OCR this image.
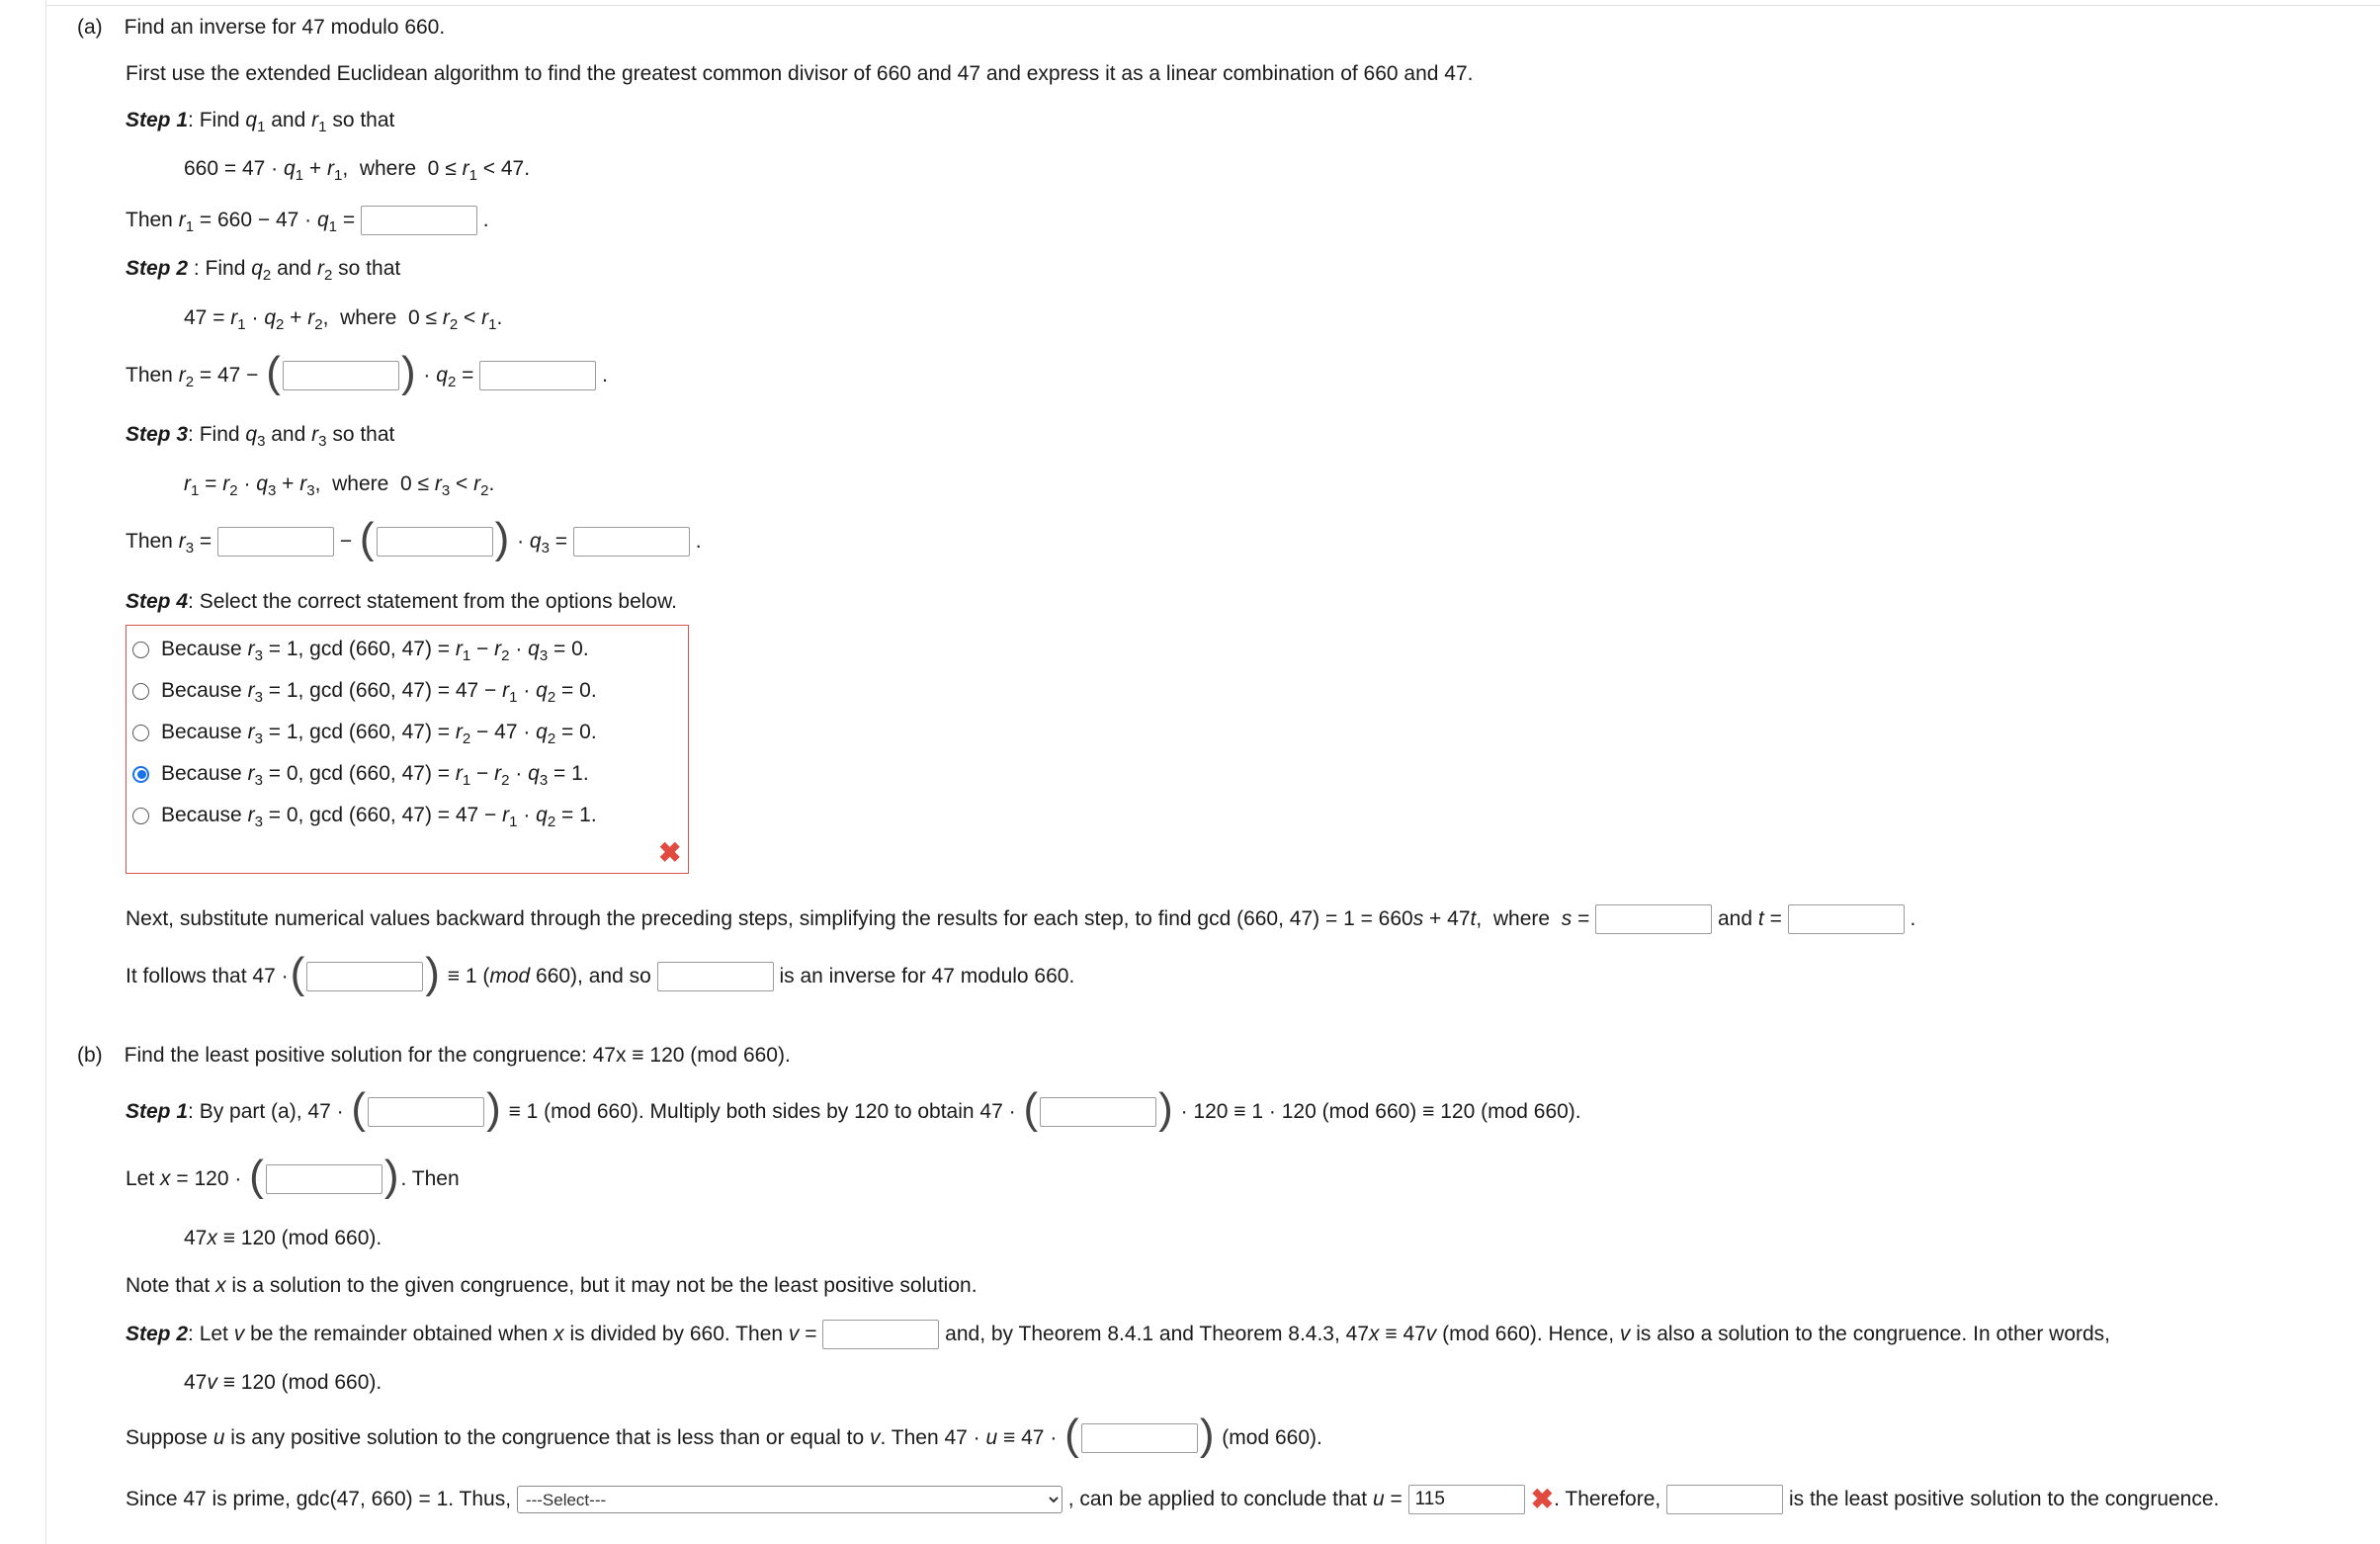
(a) Find an inverse for 47 modulo 660.
First use the extended Euclidean algorithm to find the greatest common divisor of 660 and 47 and express it as a linear combination of 660 and 47.
Step 1 : Find $q_1$ and $r_1$ so that
$660 = 47 \cdot q_1 + r_1$,  where  $0 \le r_1 < 47$.
Then $r_1 = 660 - 47 \cdot q_1$ =	.
Step 2 : Find $q_2$ and $r_2$ so that
$47 = r_1 \cdot q_2 + r_2$,  where  $0 \le r_2 < r_1$.
Then $r_2 = 47$ − (	) · $q_2$ =	.
Step 3 : Find $q_3$ and $r_3$ so that
$r_1 = r_2 \cdot q_3 + r_3$,  where  $0 \le r_3 < r_2$.
Then $r_3$ =	− (	) · $q_3$ =	.
Step 4 : Select the correct statement from the options below.
Because $r_3 = 1$, gcd (660, $47) = r_1 - r_2 \cdot q_3 = 0$.
Because $r_3 = 1$, gcd (660, $47) = 47 - r_1 \cdot q_2 = 0$.
Because $r_3 = 1$, gcd (660, $47) = r_2 - 47 \cdot q_2 = 0$.
Because $r_3 = 0$, gcd (660, $47) = r_1 - r_2 \cdot q_3 = 1$.
Because $r_3 = 0$, gcd (660, $47) = 47 - r_1 \cdot q_2 = 1$.
✖
Next, substitute numerical values backward through the preceding steps, simplifying the results for each step, to find gcd (660, 47) = 1 = 660 s + 47t,  where  s =	and t =	.
It follows that 47 · (	) ≡ 1 (mod 660), and so
	is an inverse for 47 modulo 660.
(b) Find the least positive solution for the congruence: 47x ≡ 120 (mod 660).
Step 1 : By part (a), 47 · (	) ≡ 1 (mod 660). Multiply both sides by 120 to obtain 47 · (	) · 120 ≡ 1 · 120 (mod 660) ≡ 120 (mod 660).
Let x = 120 · (	) . Then
47x ≡ 120 (mod 660).
Note that x is a solution to the given congruence, but it may not be the least positive solution.
Step 2 : Let v be the remainder obtained when x is divided by 660. Then v =
	and, by Theorem 8.4.1 and Theorem 8.4.3, 47 x ≡ 47v (mod 660). Hence, v is also a solution to the congruence. In other words,
47v ≡ 120 (mod 660).
Suppose u is any positive solution to the congruence that is less than or equal to v. Then 47 · u ≡ 47 · (	) (mod 660).
Since 47 is prime, gdc(47, 660) = 1. Thus,

---Select---	, can be applied to conclude that u = 115	✖ . Therefore,

	is the least positive solution to the congruence.
